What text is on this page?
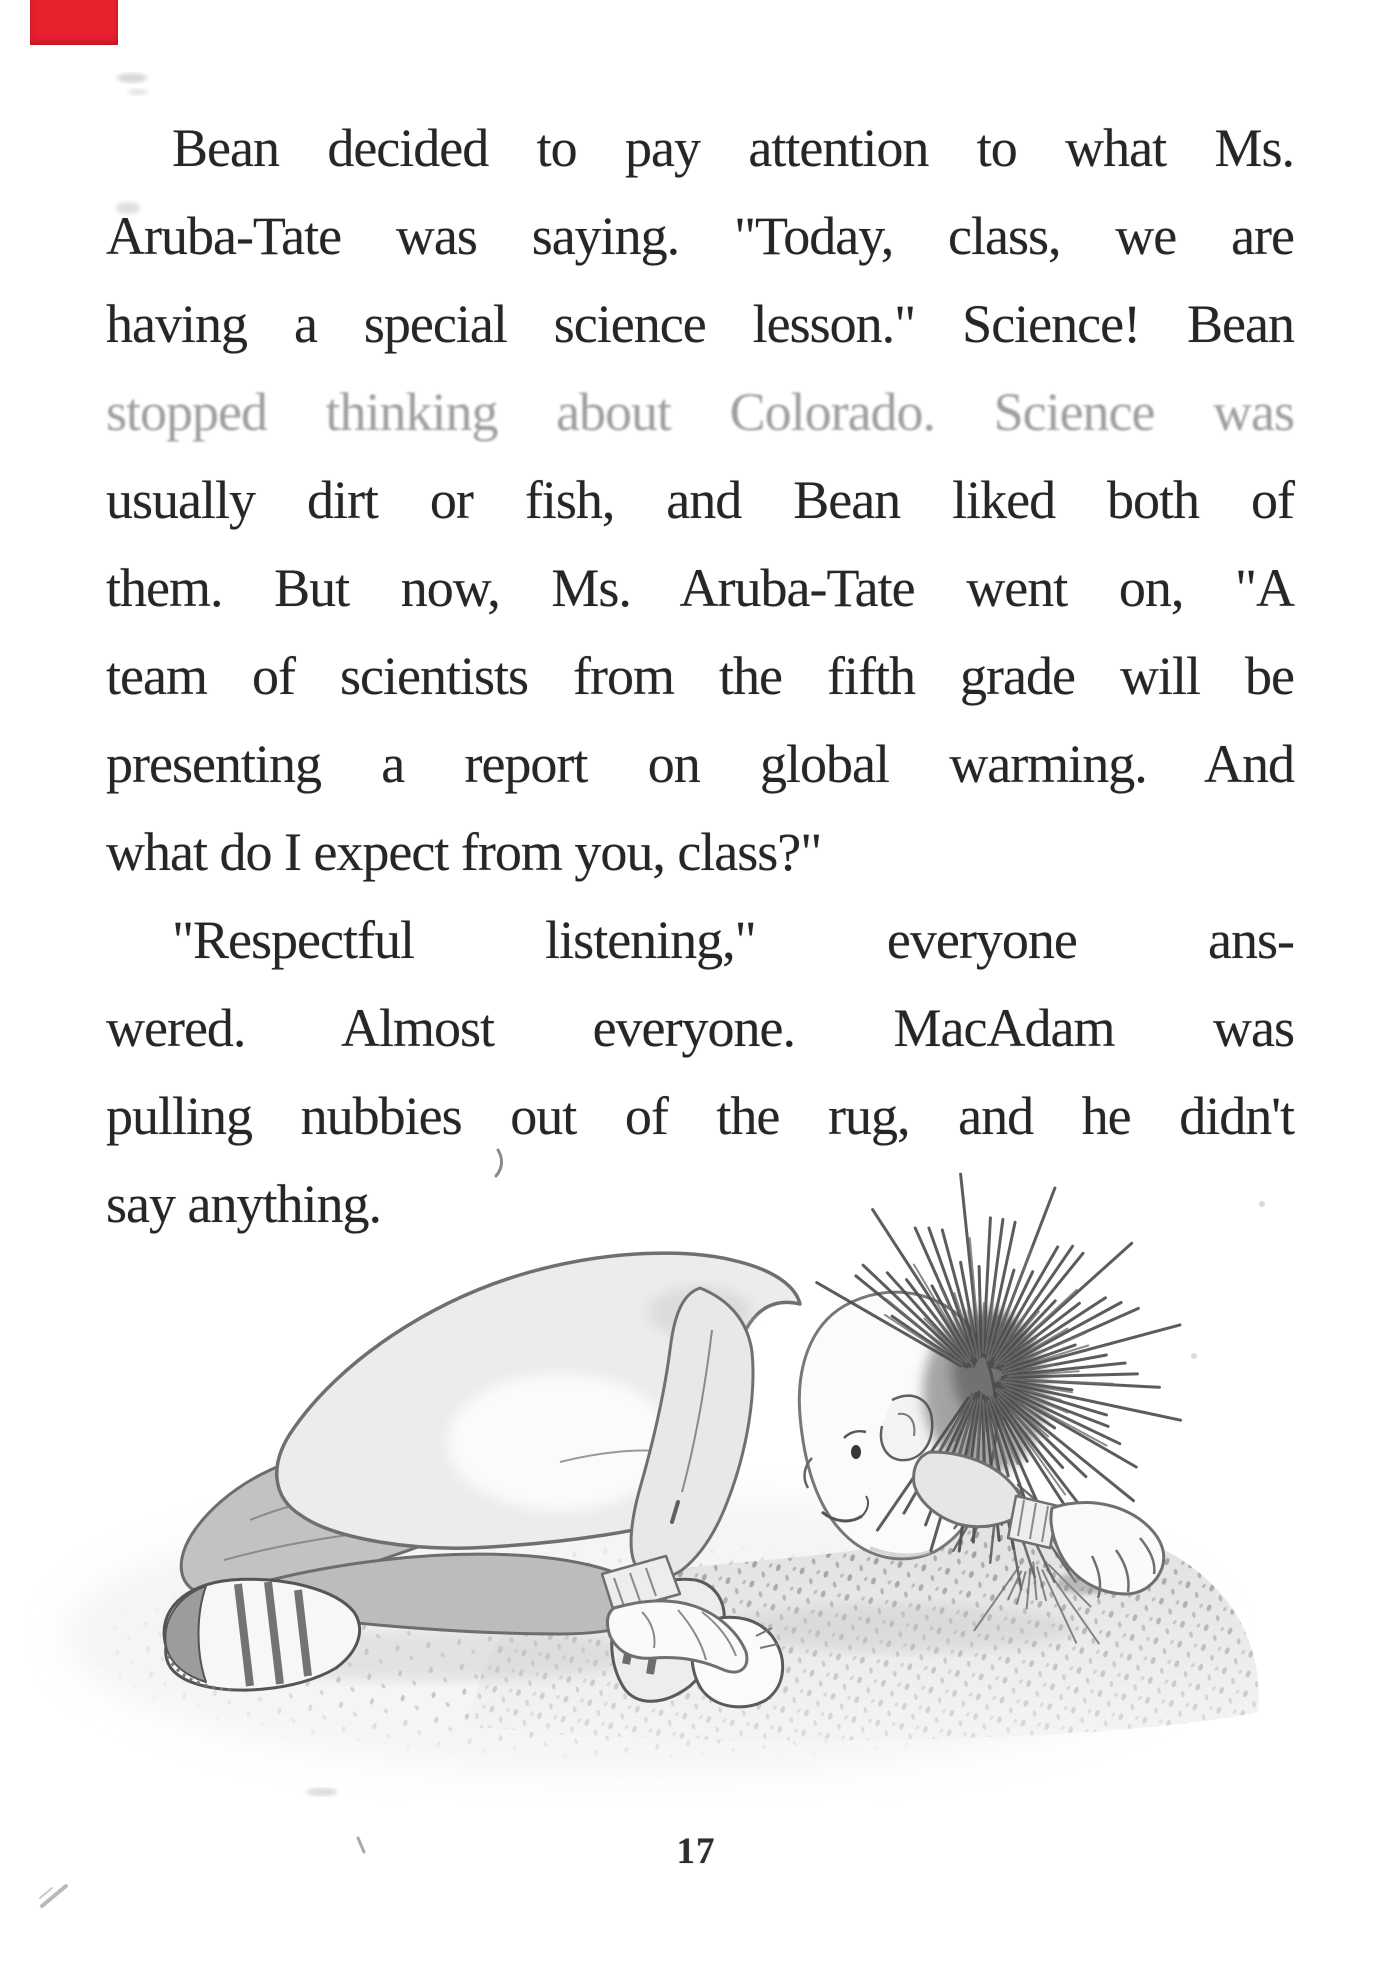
Bean decided to pay attention to what Ms.
Aruba-Tate was saying. "Today, class, we are
having a special science lesson." Science! Bean
stopped thinking about Colorado. Science was
usually dirt or fish, and Bean liked both of
them. But now, Ms. Aruba-Tate went on, "A
team of scientists from the fifth grade will be
presenting a report on global warming. And
what do I expect from you, class?"
"Respectful listening," everyone ans-
wered. Almost everyone. MacAdam was
pulling nubbies out of the rug, and he didn't
say anything.
17
